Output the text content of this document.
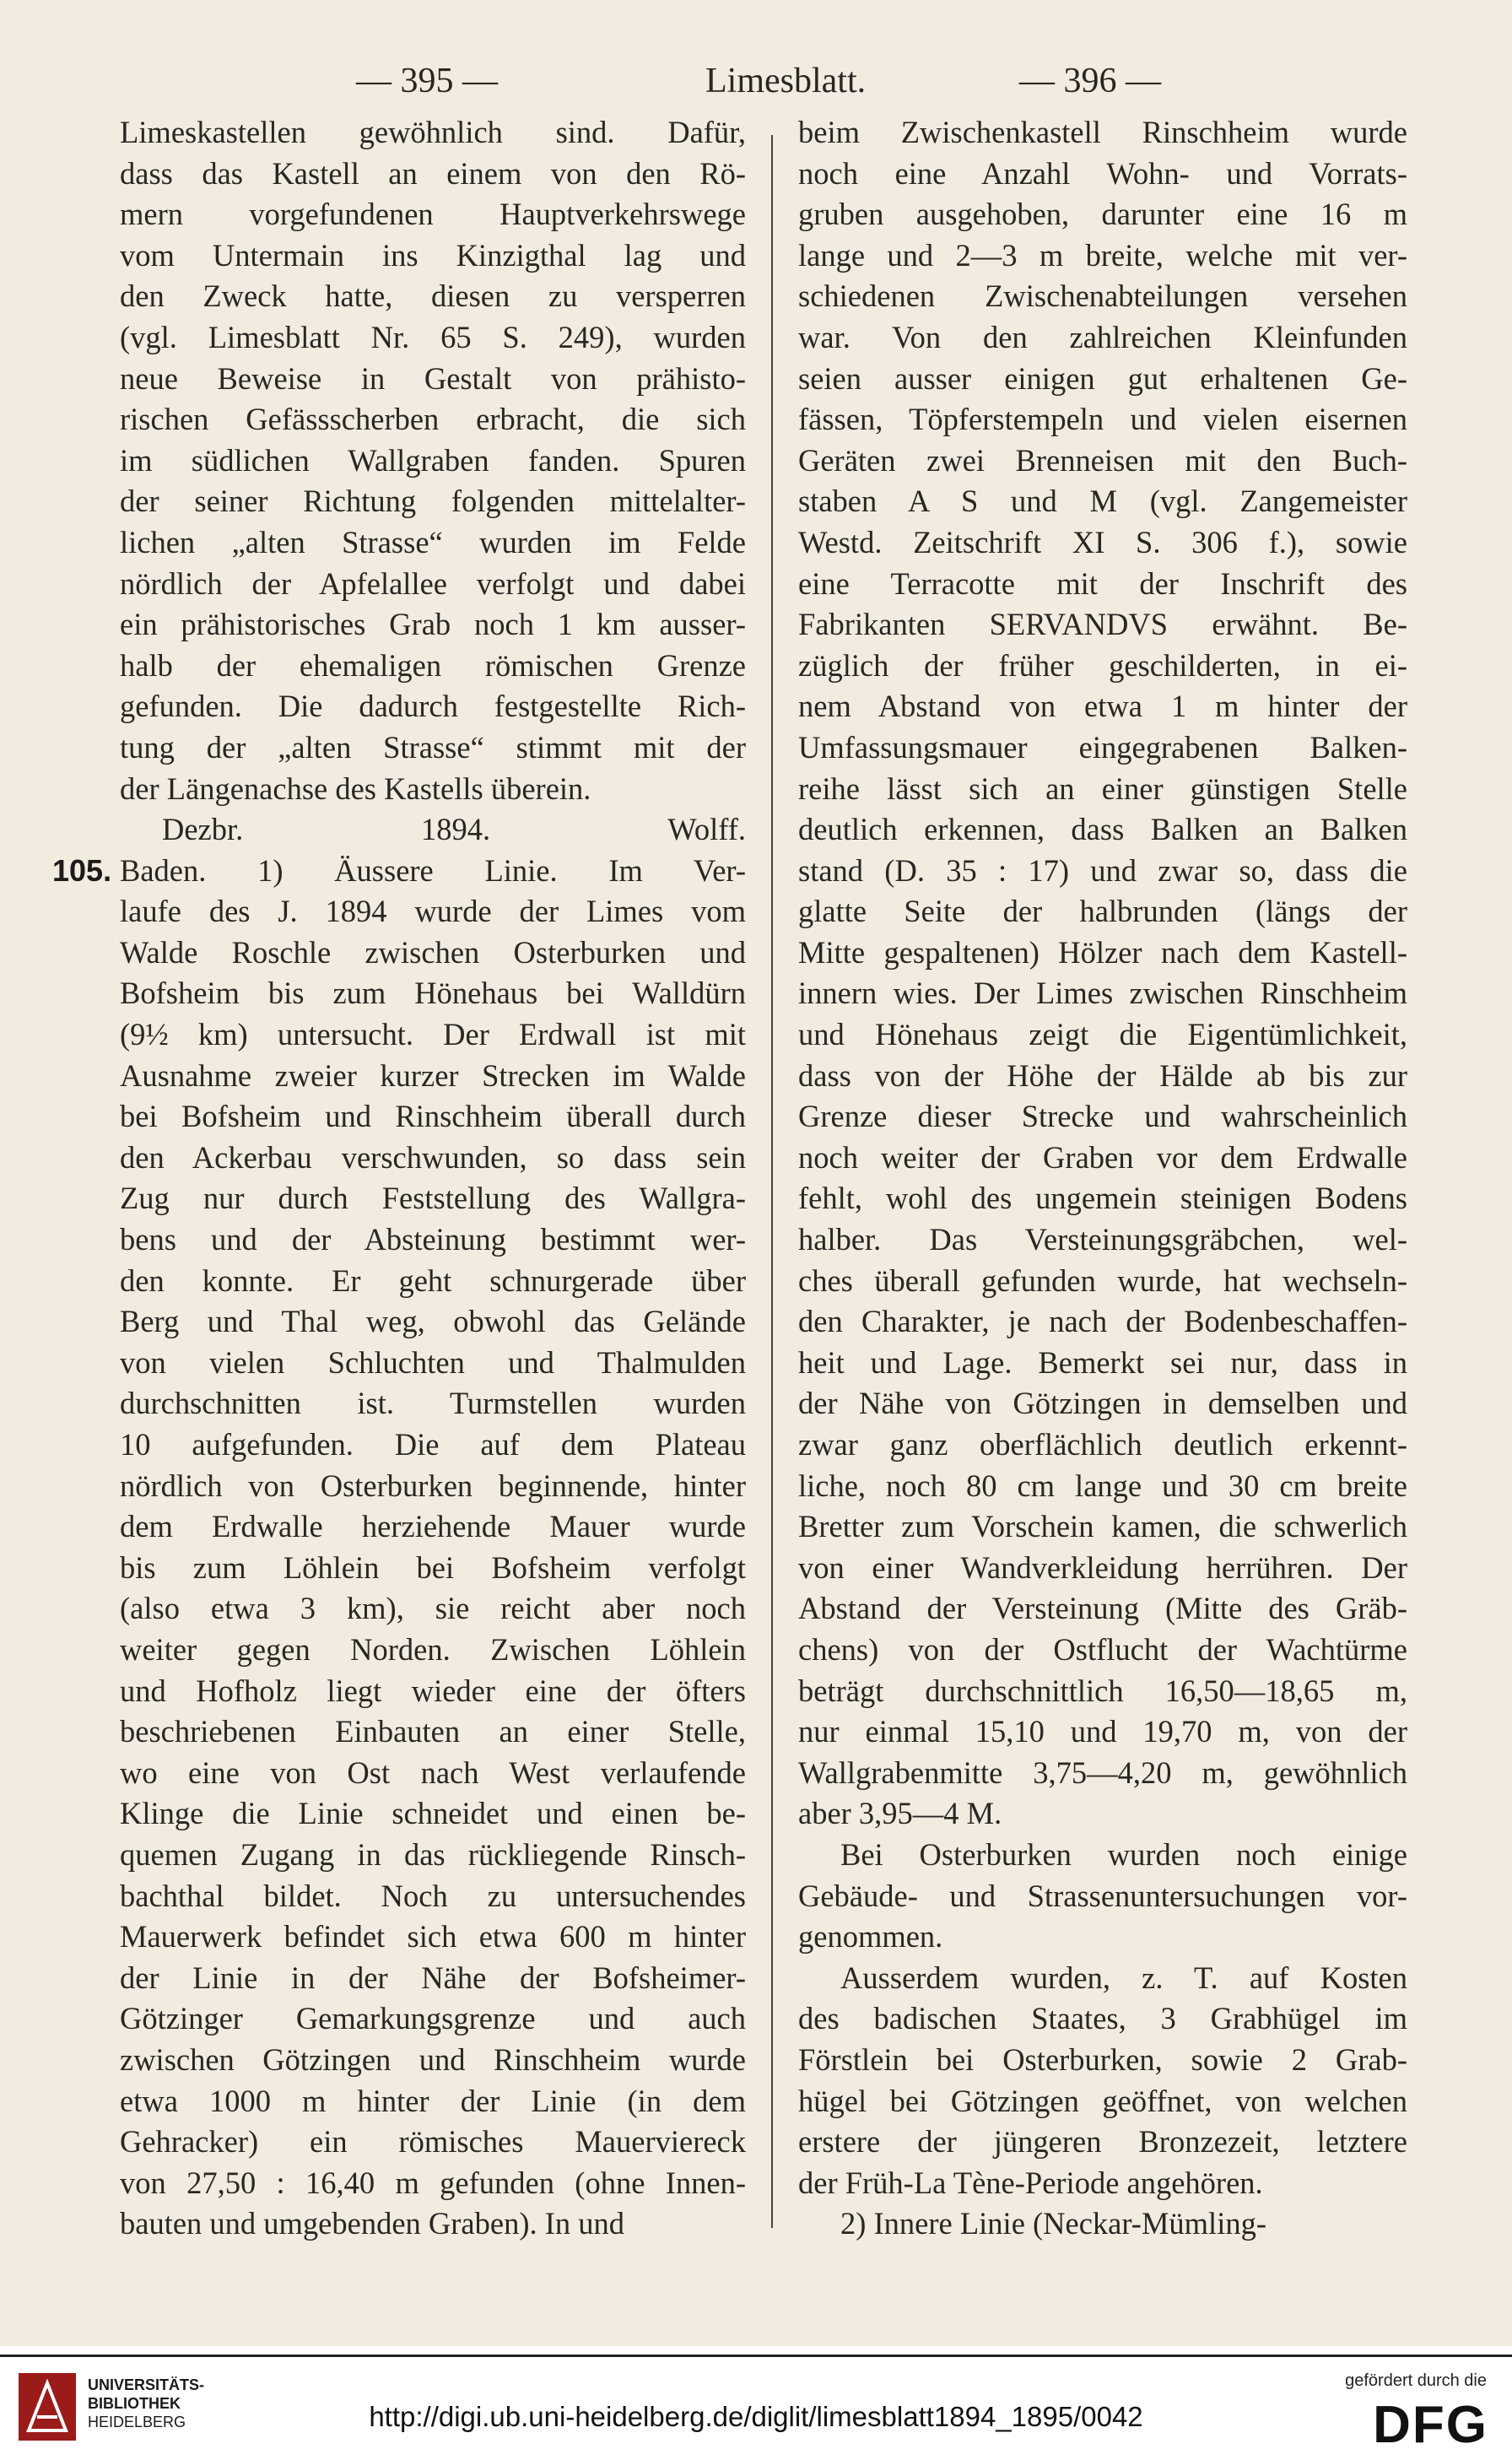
— 395 —	Limesblatt.	— 396 —
105.
Limeskastellen gewöhnlich sind. Dafür,
dass das Kastell an einem von den Rö-
mern vorgefundenen Hauptverkehrswege
vom Untermain ins Kinzigthal lag und
den Zweck hatte, diesen zu versperren
(vgl. Limesblatt Nr. 65 S. 249), wurden
neue Beweise in Gestalt von prähisto-
rischen Gefässscherben erbracht, die sich
im südlichen Wallgraben fanden. Spuren
der seiner Richtung folgenden mittelalter-
lichen „alten Strasse“ wurden im Felde
nördlich der Apfelallee verfolgt und dabei
ein prähistorisches Grab noch 1 km ausser-
halb der ehemaligen römischen Grenze
gefunden. Die dadurch festgestellte Rich-
tung der „alten Strasse“ stimmt mit der
der Längenachse des Kastells überein.
Dezbr. 1894. Wolff.
Baden. 1) Äussere Linie. Im Ver-
laufe des J. 1894 wurde der Limes vom
Walde Roschle zwischen Osterburken und
Bofsheim bis zum Hönehaus bei Walldürn
(9½ km) untersucht. Der Erdwall ist mit
Ausnahme zweier kurzer Strecken im Walde
bei Bofsheim und Rinschheim überall durch
den Ackerbau verschwunden, so dass sein
Zug nur durch Feststellung des Wallgra-
bens und der Absteinung bestimmt wer-
den konnte. Er geht schnurgerade über
Berg und Thal weg, obwohl das Gelände
von vielen Schluchten und Thalmulden
durchschnitten ist. Turmstellen wurden
10 aufgefunden. Die auf dem Plateau
nördlich von Osterburken beginnende, hinter
dem Erdwalle herziehende Mauer wurde
bis zum Löhlein bei Bofsheim verfolgt
(also etwa 3 km), sie reicht aber noch
weiter gegen Norden. Zwischen Löhlein
und Hofholz liegt wieder eine der öfters
beschriebenen Einbauten an einer Stelle,
wo eine von Ost nach West verlaufende
Klinge die Linie schneidet und einen be-
quemen Zugang in das rückliegende Rinsch-
bachthal bildet. Noch zu untersuchendes
Mauerwerk befindet sich etwa 600 m hinter
der Linie in der Nähe der Bofsheimer-
Götzinger Gemarkungsgrenze und auch
zwischen Götzingen und Rinschheim wurde
etwa 1000 m hinter der Linie (in dem
Gehracker) ein römisches Mauerviereck
von 27,50 : 16,40 m gefunden (ohne Innen-
bauten und umgebenden Graben). In und
beim Zwischenkastell Rinschheim wurde
noch eine Anzahl Wohn- und Vorrats-
gruben ausgehoben, darunter eine 16 m
lange und 2—3 m breite, welche mit ver-
schiedenen Zwischenabteilungen versehen
war. Von den zahlreichen Kleinfunden
seien ausser einigen gut erhaltenen Ge-
fässen, Töpferstempeln und vielen eisernen
Geräten zwei Brenneisen mit den Buch-
staben A S und M (vgl. Zangemeister
Westd. Zeitschrift XI S. 306 f.), sowie
eine Terracotte mit der Inschrift des
Fabrikanten SERVANDVS erwähnt. Be-
züglich der früher geschilderten, in ei-
nem Abstand von etwa 1 m hinter der
Umfassungsmauer eingegrabenen Balken-
reihe lässt sich an einer günstigen Stelle
deutlich erkennen, dass Balken an Balken
stand (D. 35 : 17) und zwar so, dass die
glatte Seite der halbrunden (längs der
Mitte gespaltenen) Hölzer nach dem Kastell-
innern wies. Der Limes zwischen Rinschheim
und Hönehaus zeigt die Eigentümlichkeit,
dass von der Höhe der Hälde ab bis zur
Grenze dieser Strecke und wahrscheinlich
noch weiter der Graben vor dem Erdwalle
fehlt, wohl des ungemein steinigen Bodens
halber. Das Versteinungsgräbchen, wel-
ches überall gefunden wurde, hat wechseln-
den Charakter, je nach der Bodenbeschaffen-
heit und Lage. Bemerkt sei nur, dass in
der Nähe von Götzingen in demselben und
zwar ganz oberflächlich deutlich erkennt-
liche, noch 80 cm lange und 30 cm breite
Bretter zum Vorschein kamen, die schwerlich
von einer Wandverkleidung herrühren. Der
Abstand der Versteinung (Mitte des Gräb-
chens) von der Ostflucht der Wachtürme
beträgt durchschnittlich 16,50—18,65 m,
nur einmal 15,10 und 19,70 m, von der
Wallgrabenmitte 3,75—4,20 m, gewöhnlich
aber 3,95—4 M.
Bei Osterburken wurden noch einige
Gebäude- und Strassenuntersuchungen vor-
genommen.
Ausserdem wurden, z. T. auf Kosten
des badischen Staates, 3 Grabhügel im
Förstlein bei Osterburken, sowie 2 Grab-
hügel bei Götzingen geöffnet, von welchen
erstere der jüngeren Bronzezeit, letztere
der Früh-La Tène-Periode angehören.
2) Innere Linie (Neckar-Mümling-
UNIVERSITÄTS-
BIBLIOTHEK
HEIDELBERG	http://digi.ub.uni-heidelberg.de/diglit/limesblatt1894_1895/0042
gefördert durch die
DFG
